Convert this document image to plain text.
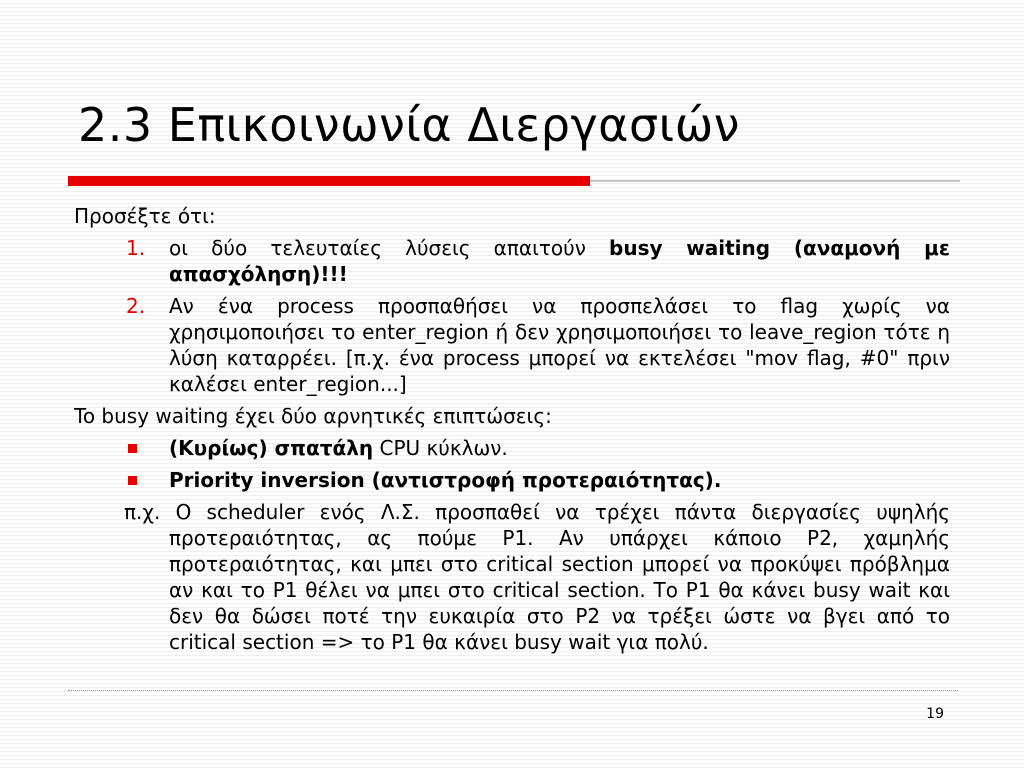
2.3 Επικοινωνία Διεργασιών

Προσέξτε ότι:

1. οι δύο τελευταίες λύσεις απαιτούν busy waiting (αναμονή με απασχόληση)!!!
2. Αν ένα process προσπαθήσει να προσπελάσει το flag χωρίς να χρησιμοποιήσει το enter_region ή δεν χρησιμοποιήσει το leave_region τότε η λύση καταρρέει. [π.χ. ένα process μπορεί να εκτελέσει "mov flag, #0" πριν καλέσει enter_region...]

To busy waiting έχει δύο αρνητικές επιπτώσεις:

(Κυρίως) σπατάλη CPU κύκλων.
Priority inversion (αντιστροφή προτεραιότητας).

π.χ. Ο scheduler ενός Λ.Σ. προσπαθεί να τρέχει πάντα διεργασίες υψηλής προτεραιότητας, ας πούμε P1. Αν υπάρχει κάποιο P2, χαμηλής προτεραιότητας, και μπει στο critical section μπορεί να προκύψει πρόβλημα αν και το P1 θέλει να μπει στο critical section. Το P1 θα κάνει busy wait και δεν θα δώσει ποτέ την ευκαιρία στο P2 να τρέξει ώστε να βγει από το critical section => το P1 θα κάνει busy wait για πολύ.

19
